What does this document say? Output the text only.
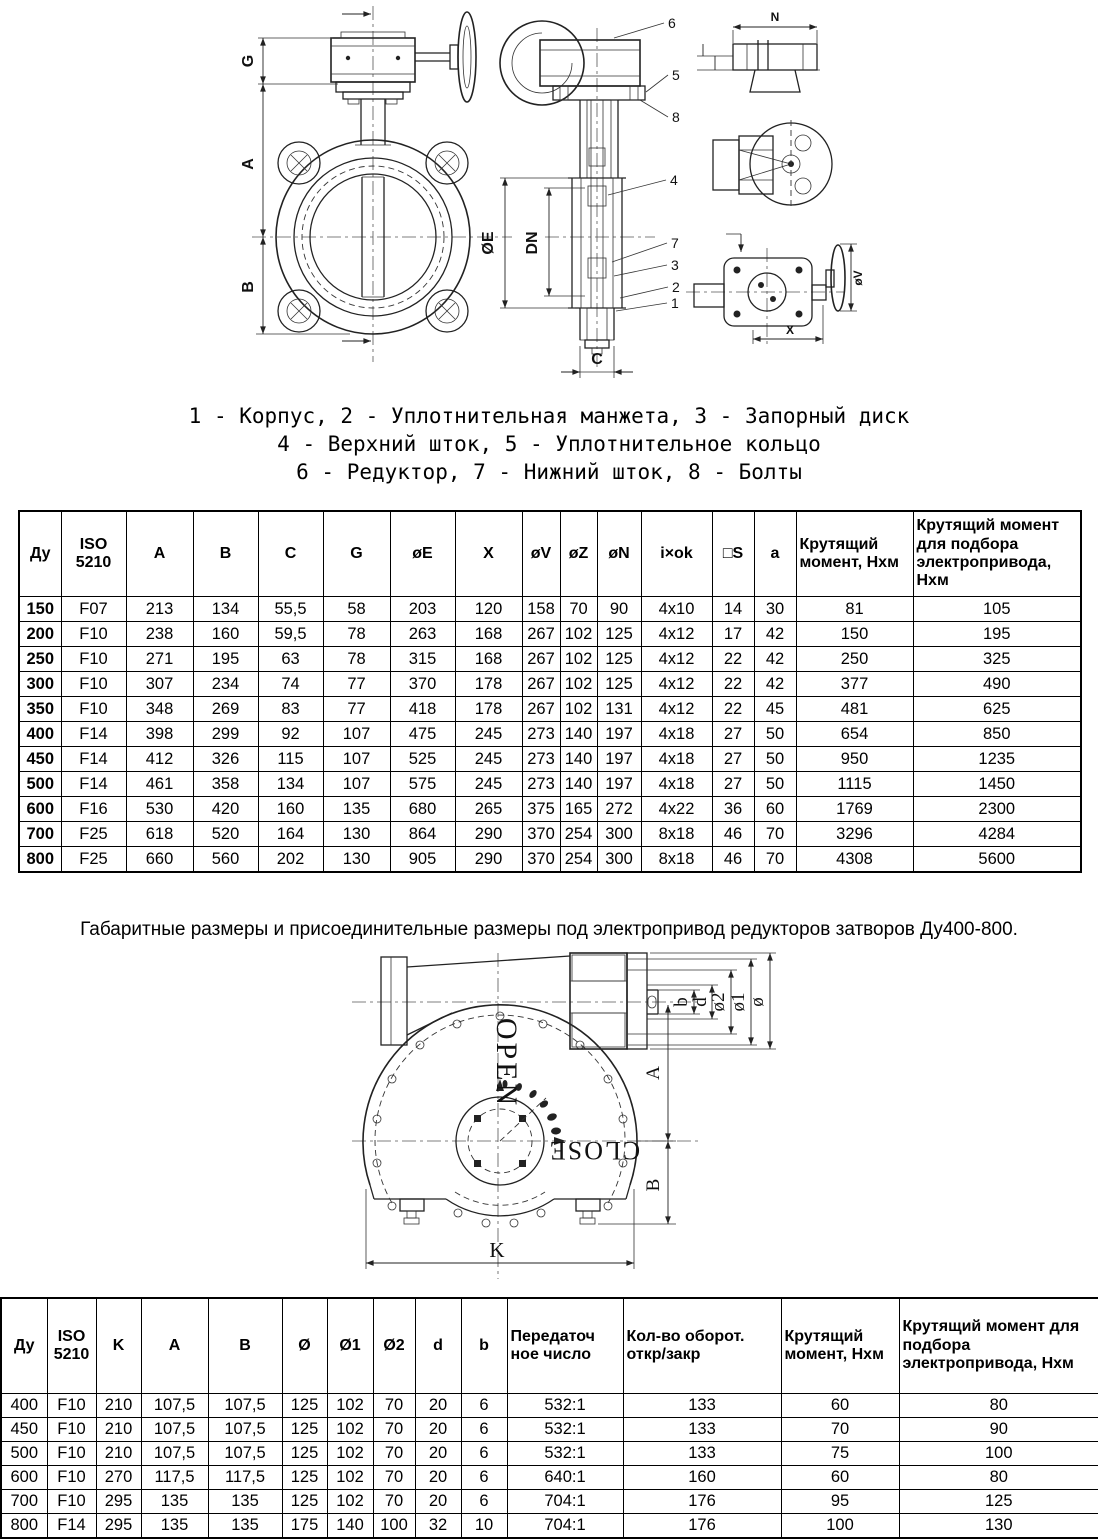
G
A
B
ØE DN
C
6
5
8
4
7
3
2
1
N
øV
X
1 - Корпус, 2 - Уплотнительная манжета, 3 - Запорный диск
4 - Верхний шток, 5 - Уплотнительное кольцо
6 - Редуктор, 7 - Нижний шток, 8 - Болты
Ду	ISO 5210	A	B	C	G	øE	X	øV	øZ	øN	i×ok	□S	a	Крутящий момент, Нхм	Крутящий момент для подбора электропривода, Нхм
150	F07	213	134	55,5	58	203	120	158	70	90	4x10	14	30	81	105
200	F10	238	160	59,5	78	263	168	267	102	125	4x12	17	42	150	195
250	F10	271	195	63	78	315	168	267	102	125	4x12	22	42	250	325
300	F10	307	234	74	77	370	178	267	102	125	4x12	22	42	377	490
350	F10	348	269	83	77	418	178	267	102	131	4x12	22	45	481	625
400	F14	398	299	92	107	475	245	273	140	197	4x18	27	50	654	850
450	F14	412	326	115	107	525	245	273	140	197	4x18	27	50	950	1235
500	F14	461	358	134	107	575	245	273	140	197	4x18	27	50	1115	1450
600	F16	530	420	160	135	680	265	375	165	272	4x22	36	60	1769	2300
700	F25	618	520	164	130	864	290	370	254	300	8x18	46	70	3296	4284
800	F25	660	560	202	130	905	290	370	254	300	8x18	46	70	4308	5600
Габаритные размеры и присоединительные размеры под электропривод редукторов затворов Ду400-800.
OPEN
CLOSE
b
d
ø2 ø1
ø
A
B
K
Ду	ISO 5210	K	A	B	Ø	Ø1	Ø2	d	b	Передаточ ное число	Кол-во оборот. откр/закр	Крутящий момент, Нхм	Крутящий момент для подбора электропривода, Нхм
400	F10	210	107,5	107,5	125	102	70	20	6	532:1	133	60	80
450	F10	210	107,5	107,5	125	102	70	20	6	532:1	133	70	90
500	F10	210	107,5	107,5	125	102	70	20	6	532:1	133	75	100
600	F10	270	117,5	117,5	125	102	70	20	6	640:1	160	60	80
700	F10	295	135	135	125	102	70	20	6	704:1	176	95	125
800	F14	295	135	135	175	140	100	32	10	704:1	176	100	130
